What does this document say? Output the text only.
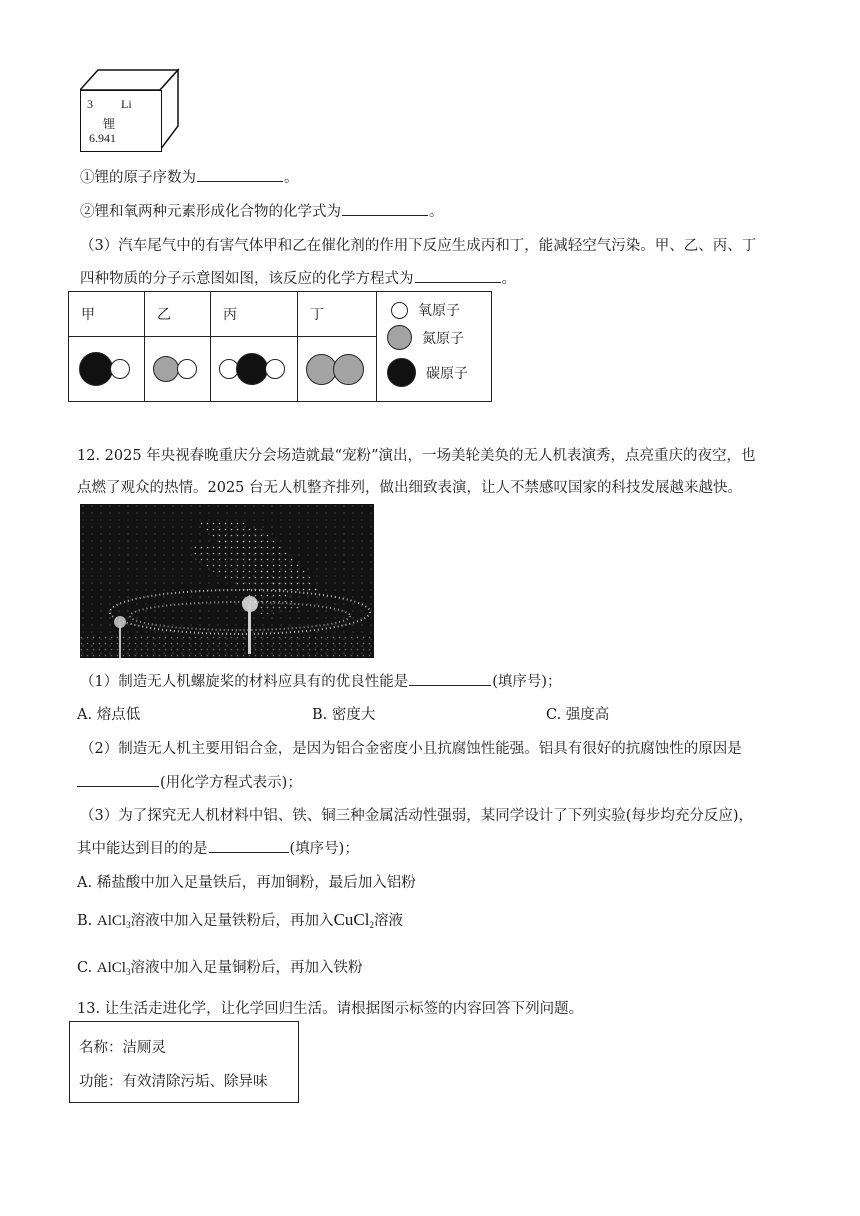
3 Li
锂
6.941
①锂的原子序数为	。
②锂和氧两种元素形成化合物的化学式为	。
（3）汽车尾气中的有害气体甲和乙在催化剂的作用下反应生成丙和丁，能减轻空气污染。甲、乙、丙、丁
四种物质的分子示意图如图，该反应的化学方程式为	。
甲	乙	丙	丁	氧原子
氮原子
碳原子

12. 2025 年央视春晚重庆分会场造就最“宠粉”演出，一场美轮美奂的无人机表演秀，点亮重庆的夜空，也
点燃了观众的热情。2025 台无人机整齐排列，做出细致表演，让人不禁感叹国家的科技发展越来越快。
（1）制造无人机螺旋桨的材料应具有的优良性能是	(填序号)；
A. 熔点低	B. 密度大	C. 强度高
（2）制造无人机主要用铝合金，是因为铝合金密度小且抗腐蚀性能强。铝具有很好的抗腐蚀性的原因是
(用化学方程式表示)；
（3）为了探究无人机材料中铝、铁、铜三种金属活动性强弱，某同学设计了下列实验(每步均充分反应)，
其中能达到目的的是	(填序号)；
A. 稀盐酸中加入足量铁后，再加铜粉，最后加入铝粉
B. AlCl$_3$溶液中加入足量铁粉后，再加入CuCl$_2$溶液
C. AlCl$_3$溶液中加入足量铜粉后，再加入铁粉
13. 让生活走进化学，让化学回归生活。请根据图示标签的内容回答下列问题。
名称：洁厕灵
功能：有效清除污垢、除异味
